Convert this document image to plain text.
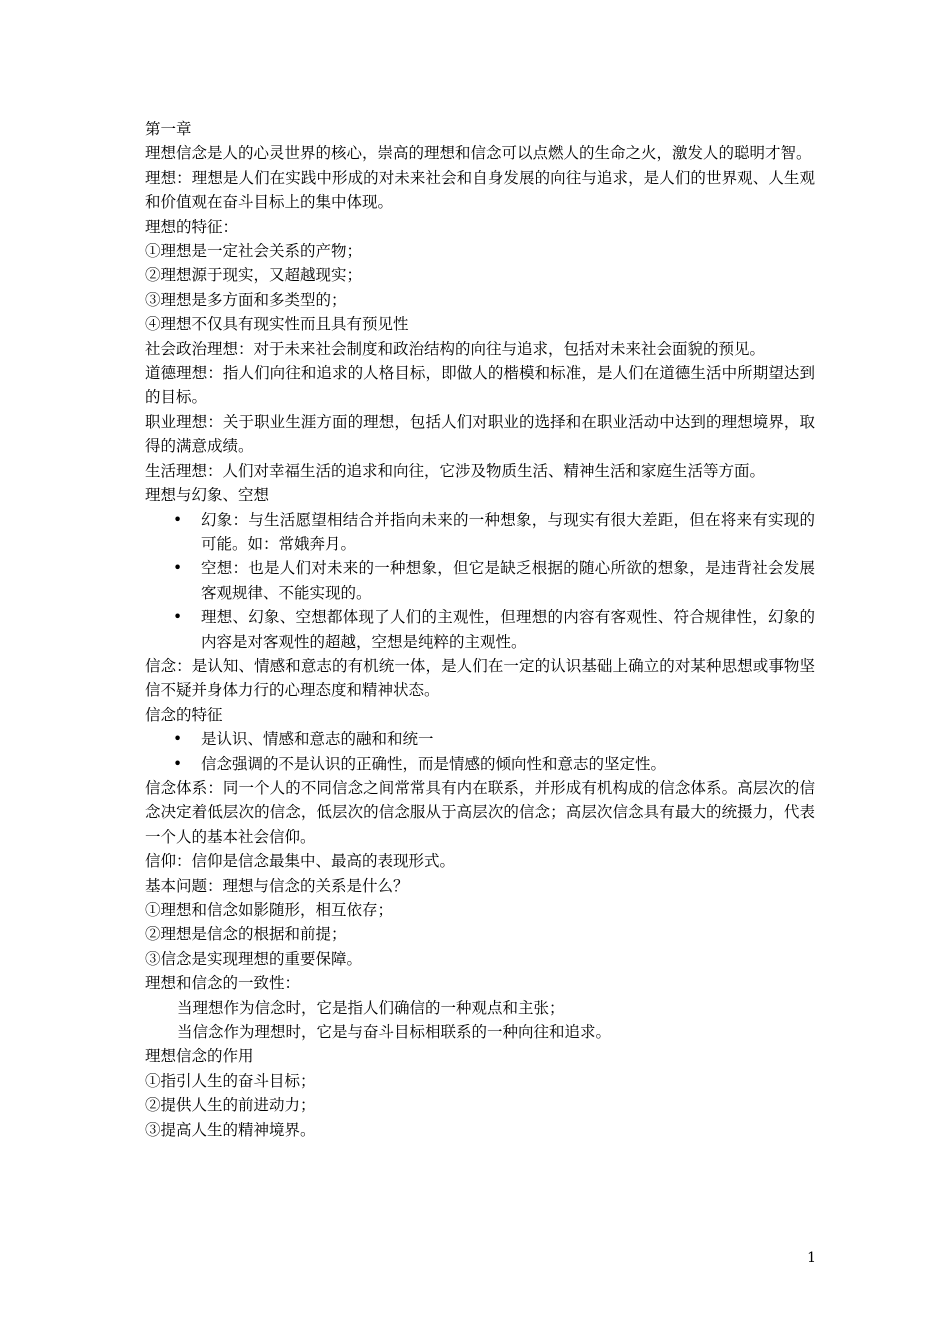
第一章

理想信念是人的心灵世界的核心，崇高的理想和信念可以点燃人的生命之火，激发人的聪明才智。

理想：理想是人们在实践中形成的对未来社会和自身发展的向往与追求，是人们的世界观、人生观和价值观在奋斗目标上的集中体现。

理想的特征：

①理想是一定社会关系的产物；

②理想源于现实，又超越现实；

③理想是多方面和多类型的；

④理想不仅具有现实性而且具有预见性

社会政治理想：对于未来社会制度和政治结构的向往与追求，包括对未来社会面貌的预见。

道德理想：指人们向往和追求的人格目标，即做人的楷模和标准，是人们在道德生活中所期望达到的目标。

职业理想：关于职业生涯方面的理想，包括人们对职业的选择和在职业活动中达到的理想境界，取得的满意成绩。

生活理想：人们对幸福生活的追求和向往，它涉及物质生活、精神生活和家庭生活等方面。

理想与幻象、空想

• 幻象：与生活愿望相结合并指向未来的一种想象，与现实有很大差距，但在将来有实现的可能。如：常娥奔月。
• 空想：也是人们对未来的一种想象，但它是缺乏根据的随心所欲的想象，是违背社会发展客观规律、不能实现的。
• 理想、幻象、空想都体现了人们的主观性，但理想的内容有客观性、符合规律性，幻象的内容是对客观性的超越，空想是纯粹的主观性。

信念：是认知、情感和意志的有机统一体，是人们在一定的认识基础上确立的对某种思想或事物坚信不疑并身体力行的心理态度和精神状态。

信念的特征

• 是认识、情感和意志的融和和统一
• 信念强调的不是认识的正确性，而是情感的倾向性和意志的坚定性。

信念体系：同一个人的不同信念之间常常具有内在联系，并形成有机构成的信念体系。高层次的信念决定着低层次的信念，低层次的信念服从于高层次的信念；高层次信念具有最大的统摄力，代表一个人的基本社会信仰。

信仰：信仰是信念最集中、最高的表现形式。

基本问题：理想与信念的关系是什么？

①理想和信念如影随形，相互依存；

②理想是信念的根据和前提；

③信念是实现理想的重要保障。

理想和信念的一致性：

当理想作为信念时，它是指人们确信的一种观点和主张；

当信念作为理想时，它是与奋斗目标相联系的一种向往和追求。

理想信念的作用

①指引人生的奋斗目标；

②提供人生的前进动力；

③提高人生的精神境界。

1
